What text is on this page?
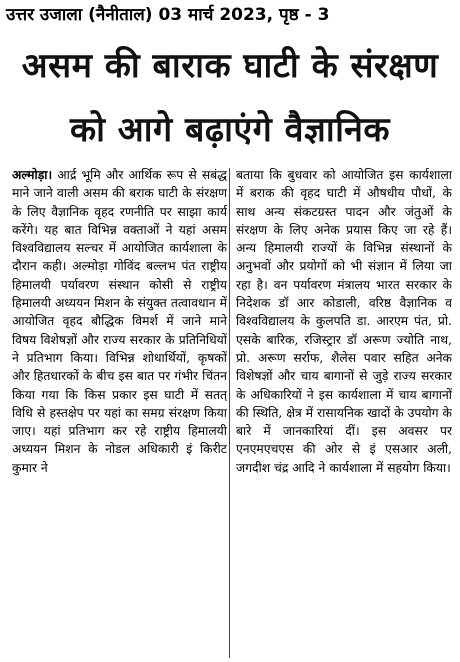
उत्तर उजाला (नैनीताल) 03 मार्च 2023, पृष्ठ - 3
असम की बाराक घाटी के संरक्षण
को आगे बढ़ाएंगे वैज्ञानिक

अल्मोड़ा। आर्द्र भूमि और आर्थिक रूप से सबंद्ध माने जाने वाली असम की बराक घाटी के संरक्षण के लिए वैज्ञानिक वृहद रणनीति पर साझा कार्य करेंगे। यह बात विभिन्न वक्ताओं ने यहां असम विश्वविद्यालय सल्चर में आयोजित कार्यशाला के दौरान कही। अल्मोड़ा गोविंद बल्लभ पंत राष्ट्रीय हिमालयी पर्यावरण संस्थान कोसी से राष्ट्रीय हिमालयी अध्ययन मिशन के संयुक्त तत्वावधान में आयोजित वृहद बौद्धिक विमर्श में जाने माने विषय विशेषज्ञों और राज्य सरकार के प्रतिनिधियों ने प्रतिभाग किया। विभिन्न शोधार्थियों, कृषकों और हितधारकों के बीच इस बात पर गंभीर चिंतन किया गया कि किस प्रकार इस घाटी में सतत् विधि से हस्तक्षेप पर यहां का समग्र संरक्षण किया जाए। यहां प्रतिभाग कर रहे राष्ट्रीय हिमालयी अध्ययन मिशन के नोडल अधिकारी इं किरीट कुमार ने

बताया कि बुधवार को आयोजित इस कार्यशाला में बराक की वृहद घाटी में औषधीय पौधों, के साथ अन्य संकटग्रस्त पादन और जंतुओं के संरक्षण के लिए अनेक प्रयास किए जा रहे हैं। अन्य हिमालयी राज्यों के विभिन्न संस्थानों के अनुभवों और प्रयोगों को भी संज्ञान में लिया जा रहा है। वन पर्यावरण मंत्रालय भारत सरकार के निदेशक डॉ आर कोडाली, वरिष्ठ वैज्ञानिक व विश्वविद्यालय के कुलपति डा. आरएम पंत, प्रो. एसके बारिक, रजिस्ट्रार डॉ अरूण ज्योति नाथ, प्रो. अरूण सर्राफ, शैलेस पवार सहित अनेक विशेषज्ञों और चाय बागानों से जुड़े राज्य सरकार के अधिकारियों ने इस कार्यशाला में चाय बागानों की स्थिति, क्षेत्र में रासायनिक खादों के उपयोग के बारे में जानकारियां दीं। इस अवसर पर एनएमएचएस की ओर से इं एसआर अली, जगदीश चंद्र आदि ने कार्यशाला में सहयोग किया।
